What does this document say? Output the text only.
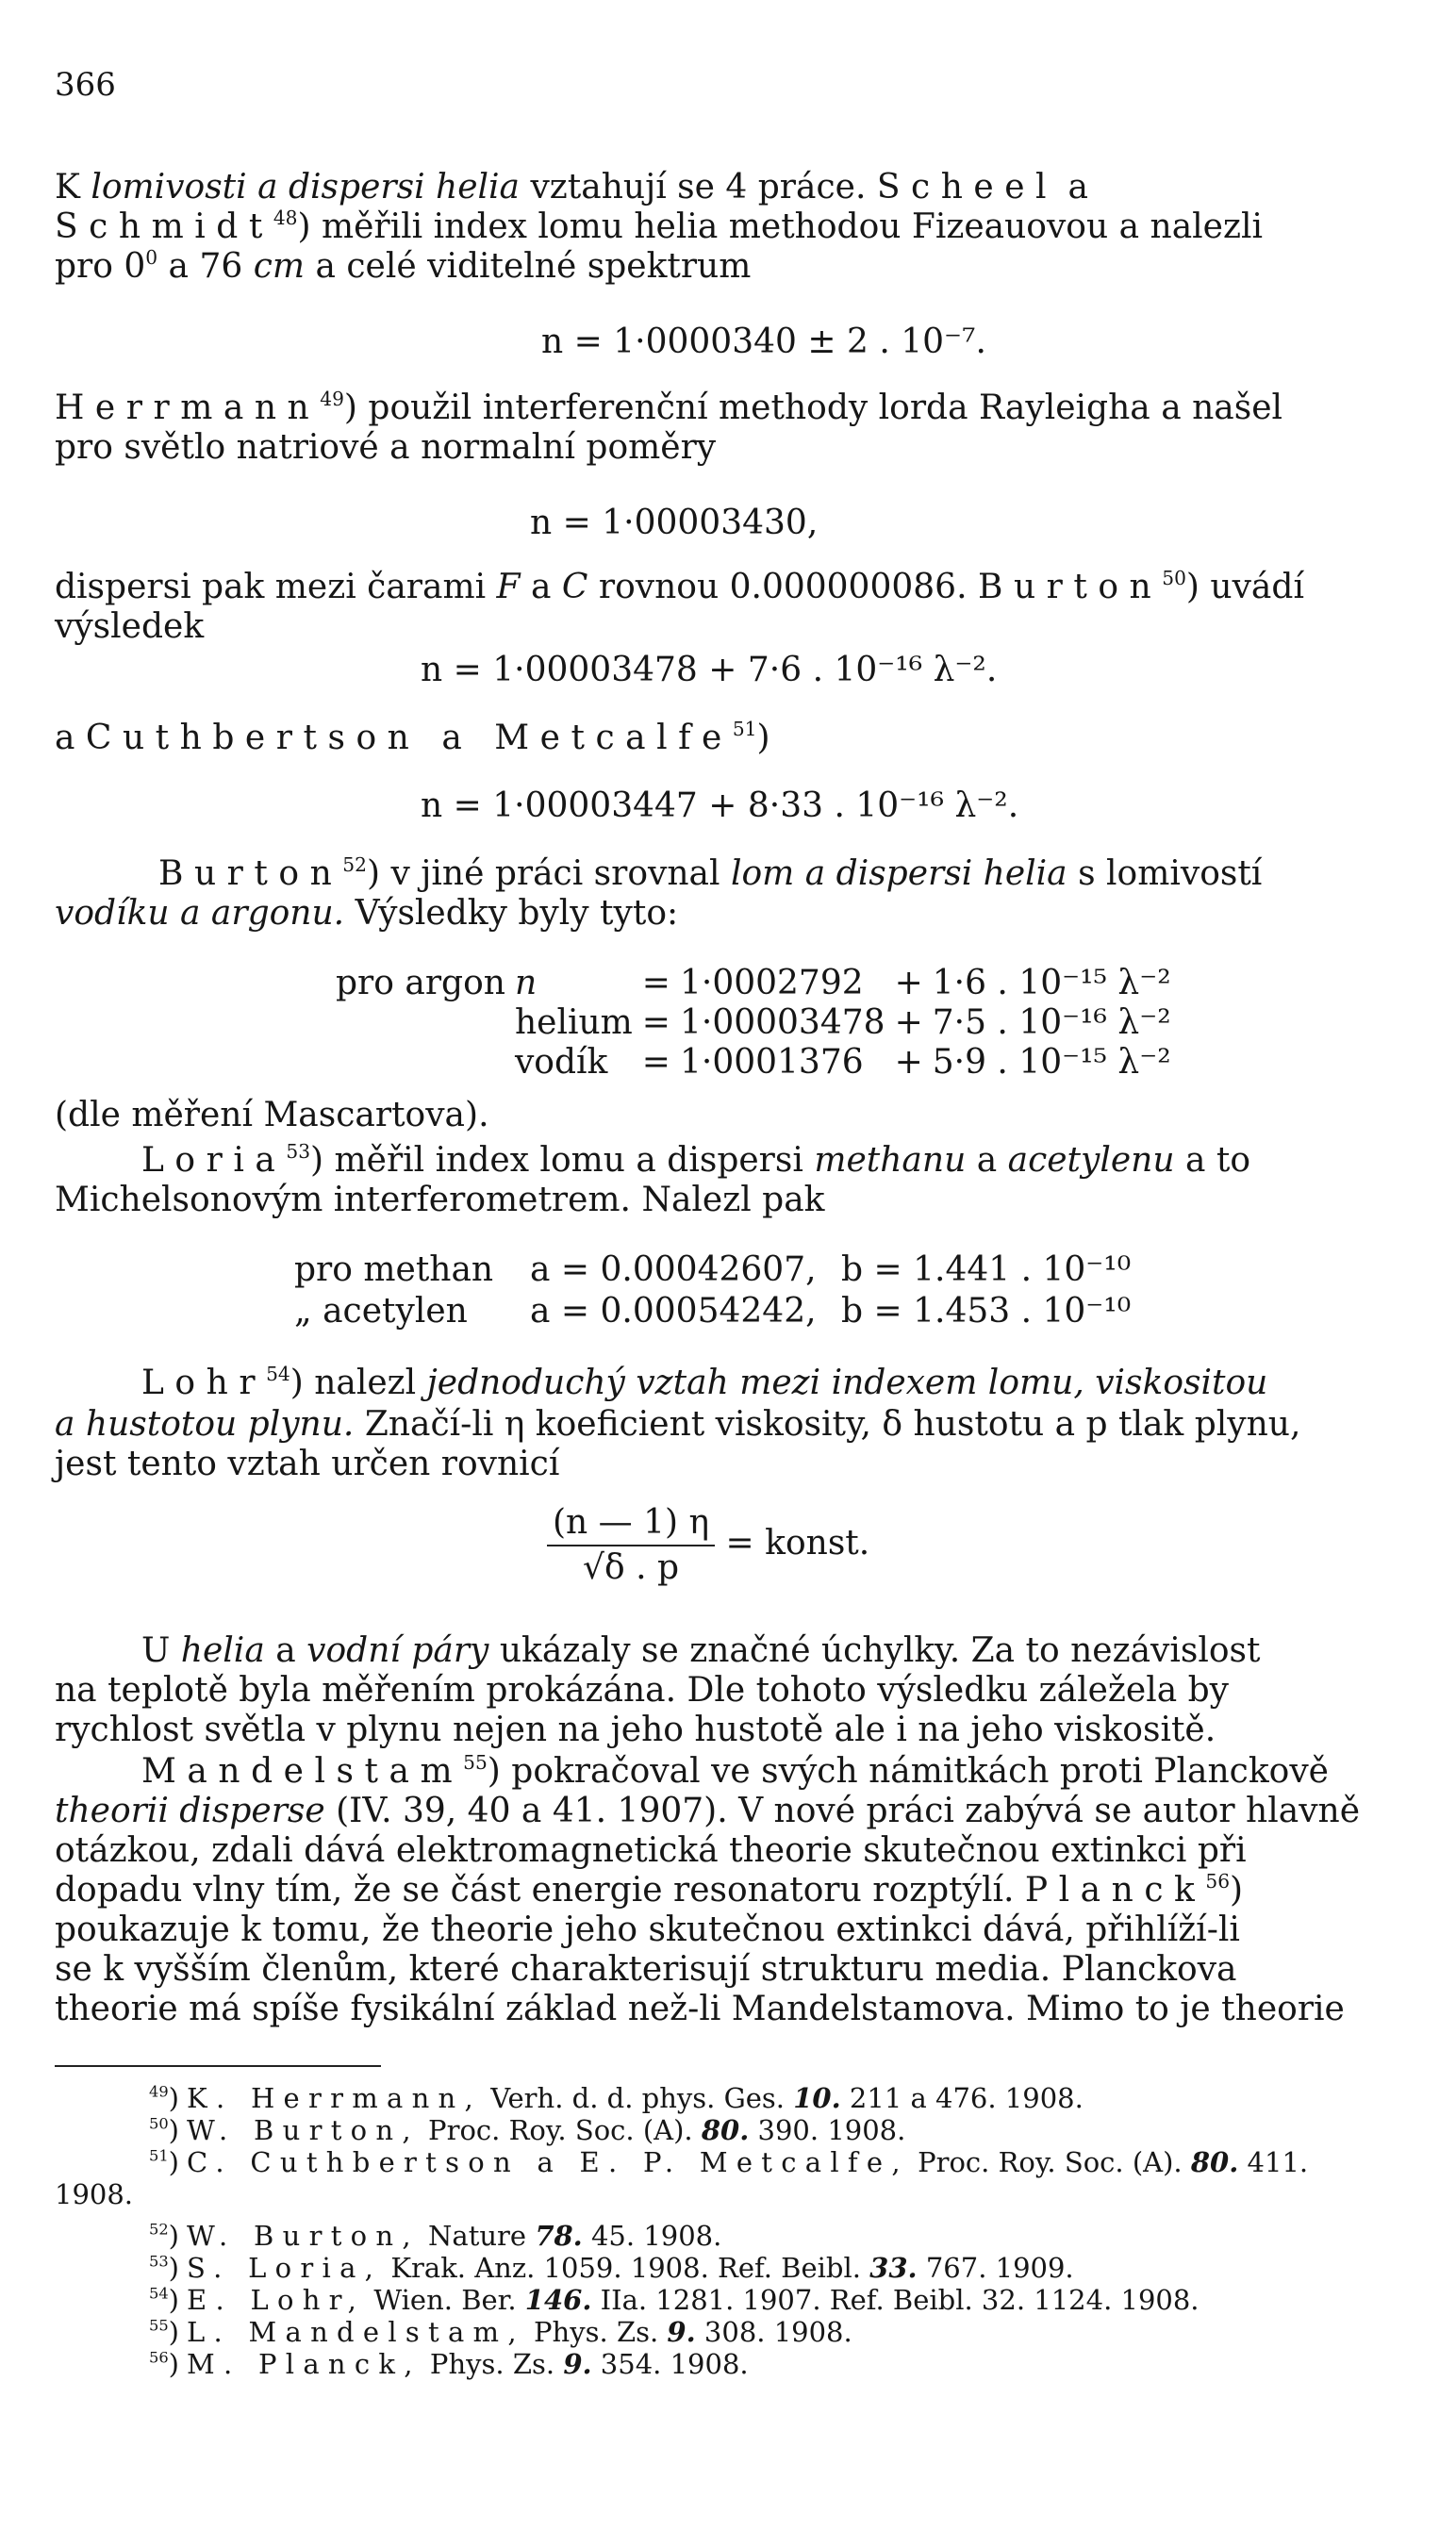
366
K lomivosti a dispersi helia vztahují se 4 práce. Scheel a
Schmidt$^{48}$) měřili index lomu helia methodou Fizeauovou a nalezli
pro $0^0$ a 76 cm a celé viditelné spektrum
n = 1·0000340 ± 2 . 10⁻⁷.
Herrmann$^{49}$) použil interferenční methody lorda Rayleigha a našel
pro světlo natriové a normalní poměry
n = 1·00003430,
dispersi pak mezi čarami F a C rovnou 0.000000086. Burton$^{50}$) uvádí
výsledek
n = 1·00003478 + 7·6 . 10⁻¹⁶ λ⁻².
a Cuthbertson a Metcalfe$^{51}$)
n = 1·00003447 + 8·33 . 10⁻¹⁶ λ⁻².
Burton$^{52}$) v jiné práci srovnal lom a dispersi helia s lomivostí
vodíku a argonu. Výsledky byly tyto:
pro argon	n	=	1·0002792	+	1·6 . 10⁻¹⁵ λ⁻²
	helium	=	1·00003478	+	7·5 . 10⁻¹⁶ λ⁻²
	vodík	=	1·0001376	+	5·9 . 10⁻¹⁵ λ⁻²
(dle měření Mascartova).
Loria$^{53}$) měřil index lomu a dispersi methanu a acetylenu a to
Michelsonovým interferometrem. Nalezl pak
pro methan a = 0.00042607, b = 1.441 . 10⁻¹⁰
„ acetylen a = 0.00054242, b = 1.453 . 10⁻¹⁰
Lohr$^{54}$) nalezl jednoduchý vztah mezi indexem lomu, viskositou
a hustotou plynu. Značí-li η koeficient viskosity, δ hustotu a p tlak plynu,
jest tento vztah určen rovnicí
$\frac{(n — 1) \eta}{√\delta . p}$ = konst.
U helia a vodní páry ukázaly se značné úchylky. Za to nezávislost
na teplotě byla měřením prokázána. Dle tohoto výsledku záležela by
rychlost světla v plynu nejen na jeho hustotě ale i na jeho viskositě.
Mandelstam$^{55}$) pokračoval ve svých námitkách proti Planckově
theorii disperse (IV. 39, 40 a 41. 1907). V nové práci zabývá se autor hlavně
otázkou, zdali dává elektromagnetická theorie skutečnou extinkci při
dopadu vlny tím, že se část energie resonatoru rozptýlí. Planck$^{56}$)
poukazuje k tomu, že theorie jeho skutečnou extinkci dává, přihlíží-li
se k vyšším členům, které charakterisují strukturu media. Planckova
theorie má spíše fysikální základ než-li Mandelstamova. Mimo to je theorie
$^{49}$) K. Herrmann, Verh. d. d. phys. Ges. 10. 211 a 476. 1908.
$^{50}$) W. Burton, Proc. Roy. Soc. (A). 80. 390. 1908.
$^{51}$) C. Cuthbertson a E. P. Metcalfe, Proc. Roy. Soc. (A). 80. 411.
1908.
$^{52}$) W. Burton, Nature 78. 45. 1908.
$^{53}$) S. Loria, Krak. Anz. 1059. 1908. Ref. Beibl. 33. 767. 1909.
$^{54}$) E. Lohr, Wien. Ber. 146. IIa. 1281. 1907. Ref. Beibl. 32. 1124. 1908.
$^{55}$) L. Mandelstam, Phys. Zs. 9. 308. 1908.
$^{56}$) M. Planck, Phys. Zs. 9. 354. 1908.
